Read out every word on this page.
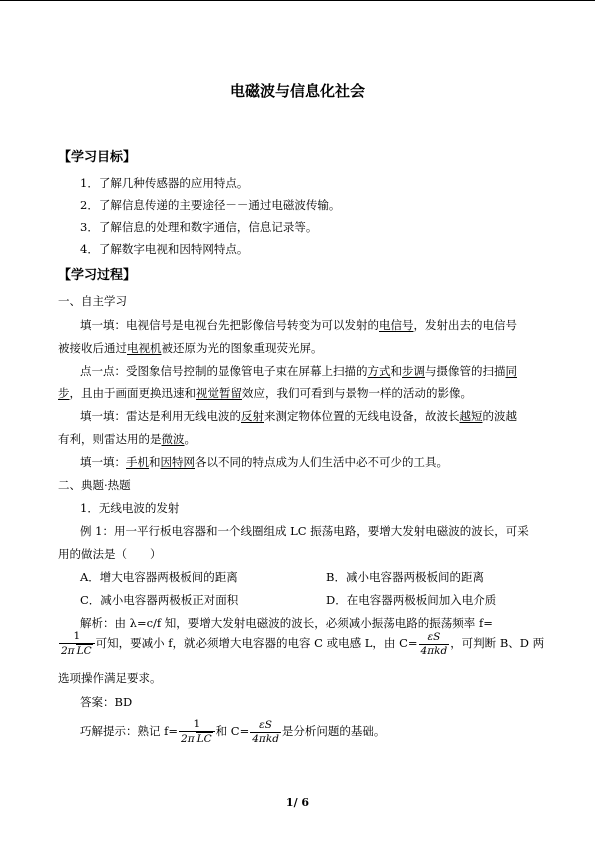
电磁波与信息化社会
【学习目标】
1．了解几种传感器的应用特点。
2．了解信息传递的主要途径－－通过电磁波传输。
3．了解信息的处理和数字通信，信息记录等。
4．了解数字电视和因特网特点。
【学习过程】
一、自主学习
填一填：电视信号是电视台先把影像信号转变为可以发射的电信号，发射出去的电信号
被接收后通过电视机被还原为光的图象重现荧光屏。
点一点：受图象信号控制的显像管电子束在屏幕上扫描的方式和步调与摄像管的扫描同
步，且由于画面更换迅速和视觉暂留效应，我们可看到与景物一样的活动的影像。
填一填：雷达是利用无线电波的反射来测定物体位置的无线电设备，故波长越短的波越
有利，则雷达用的是微波。
填一填：手机和因特网各以不同的特点成为人们生活中必不可少的工具。
二、典题·热题
1．无线电波的发射
例 1：用一平行板电容器和一个线圈组成 LC 振荡电路，要增大发射电磁波的波长，可采
用的做法是（　　）
A．增大电容器两极板间的距离	B．减小电容器两极板间的距离
C．减小电容器两极板正对面积	D．在电容器两极板间加入电介质
解析：由 λ=c/f 知，要增大发射电磁波的波长，必须减小振荡电路的振荡频率 f=
$\frac{1}{\text{2π LC}}$ 可知，要减小 f，就必须增大电容器的电容 C 或电感 L，由 $C= \frac{\varepsilon S}{\text{4πkd}}$ ，可判断 B、D 两
选项操作满足要求。
答案：BD
巧解提示：熟记 $f= \frac{1}{\text{2π LC}}$ 和 $C= \frac{\varepsilon S}{\text{4πkd}}$ 是分析问题的基础。
1/ 6
